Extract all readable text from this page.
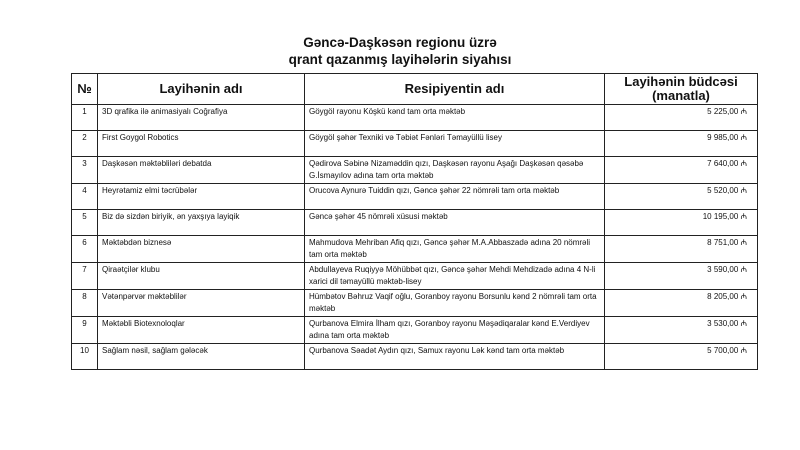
Gəncə-Daşkəsən regionu üzrə
qrant qazanmış layihələrin siyahısı
№	Layihənin adı	Resipiyentin adı	Layihənin büdcəsi
(manatla)

1	3D qrafika ilə animasiyalı Coğrafiya	Göygöl rayonu Köşkü kənd tam orta məktəb	5 225,00 ₼
2	First Goygol Robotics	Göygöl şəhər Texniki və Təbiət Fənləri Təmayüllü lisey	9 985,00 ₼
3	Daşkəsən məktəbliləri debatda	Qədirova Səbinə Nizaməddin qızı, Daşkəsən rayonu Aşağı Daşkəsən qəsəbə G.İsmayılov adına tam orta məktəb	7 640,00 ₼
4	Heyrətamiz elmi təcrübələr	Orucova Aynurə Tuiddin qızı, Gəncə şəhər 22 nömrəli tam orta məktəb	5 520,00 ₼
5	Biz də sizdən biriyik, ən yaxşıya layiqik	Gəncə şəhər 45 nömrəli xüsusi məktəb	10 195,00 ₼
6	Məktəbdən biznesə	Mahmudova Mehriban Afiq qızı, Gəncə şəhər M.A.Abbaszadə adına 20 nömrəli tam orta məktəb	8 751,00 ₼
7	Qiraətçilər klubu	Abdullayeva Ruqiyyə Möhübbət qızı, Gəncə şəhər Mehdi Mehdizadə adına 4 N-li xarici dil təmayüllü məktəb-lisey	3 590,00 ₼
8	Vətənpərvər məktəblilər	Hümbətov Bəhruz Vaqif oğlu, Goranboy rayonu Borsunlu kənd 2 nömrəli tam orta məktəb	8 205,00 ₼
9	Məktəbli Biotexnoloqlar	Qurbanova Elmira İlham qızı, Goranboy rayonu Məşədiqaralar kənd E.Verdiyev adına tam orta məktəb	3 530,00 ₼
10	Sağlam nəsil, sağlam gələcək	Qurbanova Səadət Aydın qızı, Samux rayonu Lək kənd tam orta məktəb	5 700,00 ₼
